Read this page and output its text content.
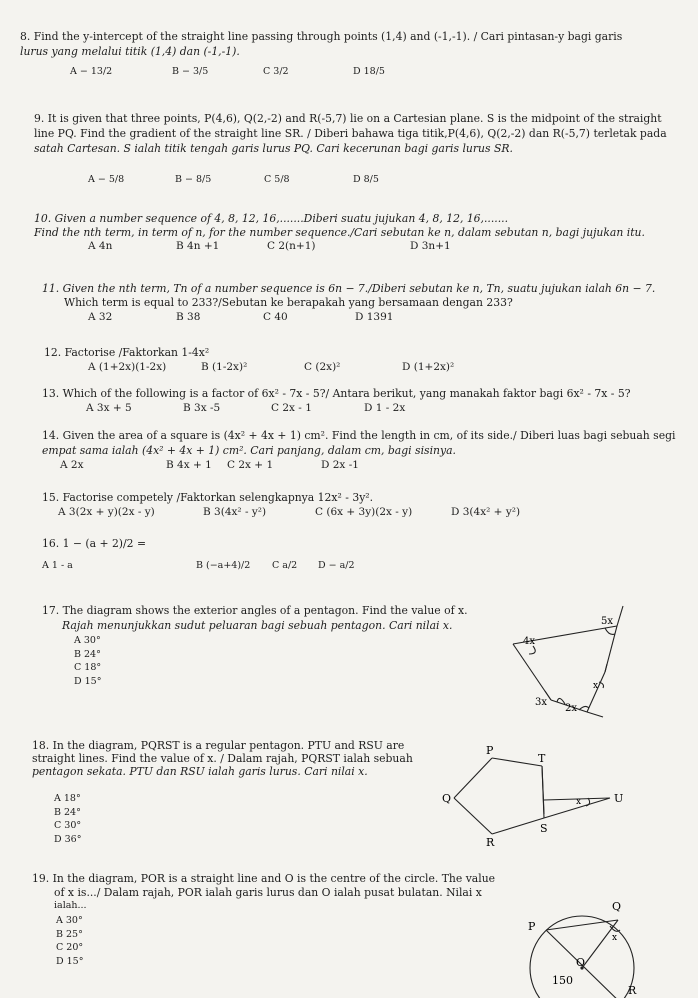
8. Find the y-intercept of the straight line passing through points (1,4) and (-1,-1). / Cari pintasan-y bagi garis
lurus yang melalui titik (1,4) dan (-1,-1).
A − 13/2	B − 3/5	C 3/2	D 18/5
9. It is given that three points, P(4,6), Q(2,-2) and R(-5,7) lie on a Cartesian plane. S is the midpoint of the straight
line PQ. Find the gradient of the straight line SR. / Diberi bahawa tiga titik,P(4,6), Q(2,-2) dan R(-5,7) terletak pada
satah Cartesan. S ialah titik tengah garis lurus PQ. Cari kecerunan bagi garis lurus SR.
A − 5/8	B − 8/5	C 5/8	D 8/5
10. Given a number sequence of 4, 8, 12, 16,.......Diberi suatu jujukan 4, 8, 12, 16,.......
Find the nth term, in term of n, for the number sequence./Cari sebutan ke n, dalam sebutan n, bagi jujukan itu.
A 4n	B 4n +1	C 2(n+1)	D 3n+1
11. Given the nth term, Tn of a number sequence is 6n − 7./Diberi sebutan ke n, Tn, suatu jujukan ialah 6n − 7.
Which term is equal to 233?/Sebutan ke berapakah yang bersamaan dengan 233?
A 32	B 38	C 40	D 1391
12. Factorise /Faktorkan 1-4x²
A (1+2x)(1-2x)	B (1-2x)²	C (2x)²	D (1+2x)²
13. Which of the following is a factor of 6x² - 7x - 5?/ Antara berikut, yang manakah faktor bagi 6x² - 7x - 5?
A 3x + 5	B 3x -5	C 2x - 1	D 1 - 2x
14. Given the area of a square is (4x² + 4x + 1) cm². Find the length in cm, of its side./ Diberi luas bagi sebuah segi
empat sama ialah (4x² + 4x + 1) cm². Cari panjang, dalam cm, bagi sisinya.
A 2x	B 4x + 1 C 2x + 1	D 2x -1
15. Factorise competely /Faktorkan selengkapnya 12x² - 3y².
A 3(2x + y)(2x - y)	B 3(4x² - y²)	C (6x + 3y)(2x - y)	D 3(4x² + y²)
16. 1 − (a + 2)/2 =
A 1 - a	B (−a+4)/2 C a/2 D − a/2
17. The diagram shows the exterior angles of a pentagon. Find the value of x.
Rajah menunjukkan sudut peluaran bagi sebuah pentagon. Cari nilai x.
A 30°
B 24°
C 18°
D 15°
5x
4x
x
3x
2x
18. In the diagram, PQRST is a regular pentagon. PTU and RSU are
straight lines. Find the value of x. / Dalam rajah, PQRST ialah sebuah
pentagon sekata. PTU dan RSU ialah garis lurus. Cari nilai x.
A 18°
B 24°
C 30°
D 36°
P
T
Q	x	U
S
R
19. In the diagram, POR is a straight line and O is the centre of the circle. The value
of x is.../ Dalam rajah, POR ialah garis lurus dan O ialah pusat bulatan. Nilai x
ialah...
A 30°
B 25°
C 20°
D 15°
Q
P
O
x
150
R
